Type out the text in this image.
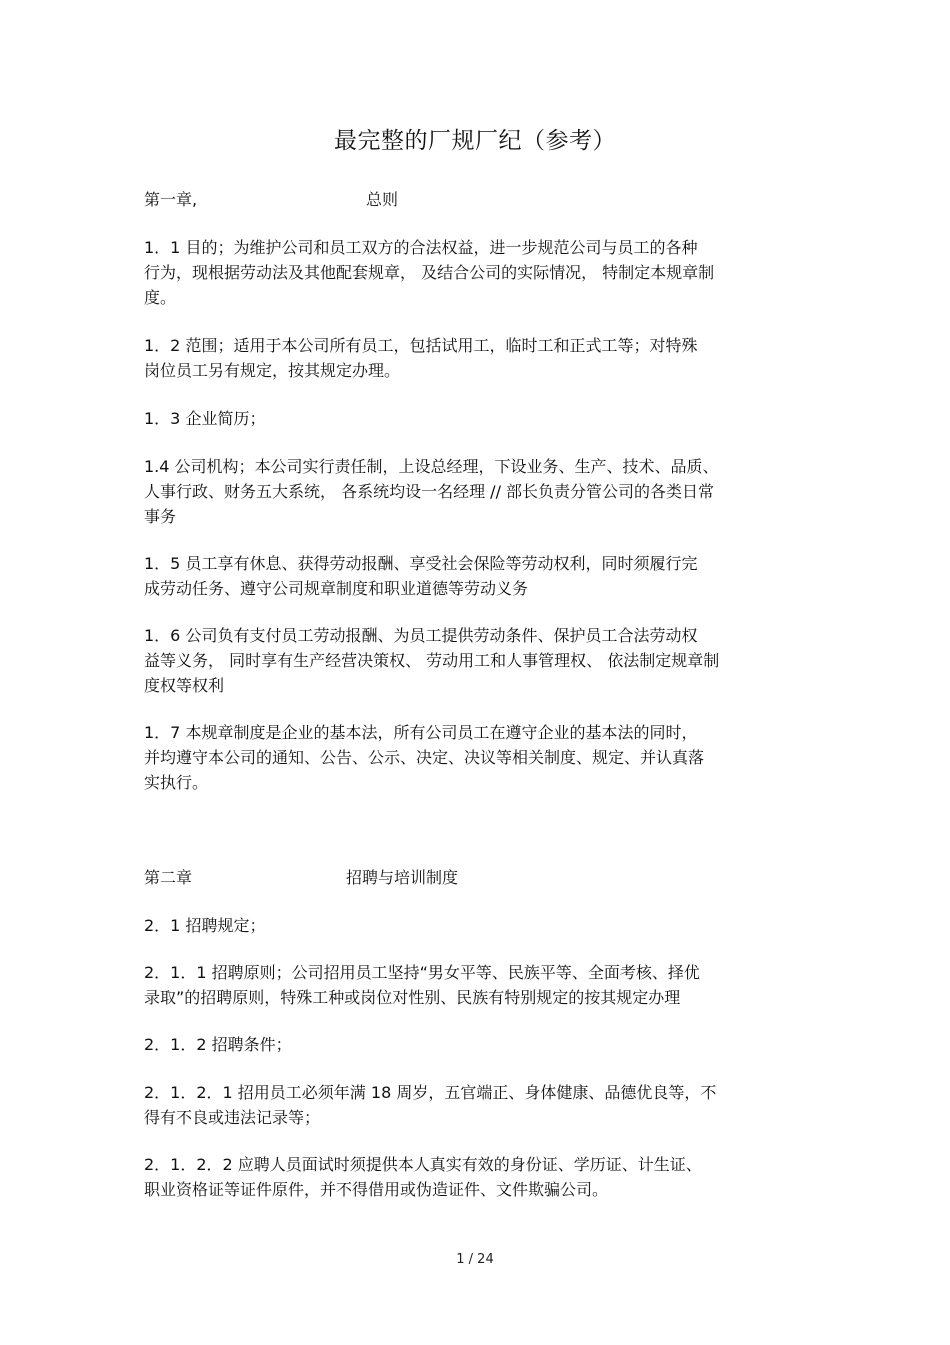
最完整的厂规厂纪（参考）
第一章,	总则
1．1 目的；为维护公司和员工双方的合法权益，进一步规范公司与员工的各种
行为，现根据劳动法及其他配套规章， 及结合公司的实际情况， 特制定本规章制
度。
1．2 范围；适用于本公司所有员工，包括试用工，临时工和正式工等；对特殊
岗位员工另有规定，按其规定办理。
1．3 企业简历；
1.4 公司机构；本公司实行责任制，上设总经理，下设业务、生产、技术、品质、
人事行政、财务五大系统， 各系统均设一名经理 // 部长负责分管公司的各类日常
事务
1．5 员工享有休息、获得劳动报酬、享受社会保险等劳动权利，同时须履行完
成劳动任务、遵守公司规章制度和职业道德等劳动义务
1．6 公司负有支付员工劳动报酬、为员工提供劳动条件、保护员工合法劳动权
益等义务， 同时享有生产经营决策权、 劳动用工和人事管理权、 依法制定规章制
度权等权利
1．7 本规章制度是企业的基本法，所有公司员工在遵守企业的基本法的同时，
并均遵守本公司的通知、公告、公示、决定、决议等相关制度、规定、并认真落
实执行。
第二章	招聘与培训制度
2．1 招聘规定；
2．1．1 招聘原则；公司招用员工坚持“男女平等、民族平等、全面考核、择优
录取”的招聘原则，特殊工种或岗位对性别、民族有特别规定的按其规定办理
2．1．2 招聘条件；
2．1．2．1 招用员工必须年满 18 周岁，五官端正、身体健康、品德优良等，不
得有不良或违法记录等；
2．1．2．2 应聘人员面试时须提供本人真实有效的身份证、学历证、计生证、
职业资格证等证件原件，并不得借用或伪造证件、文件欺骗公司。
1 / 24
